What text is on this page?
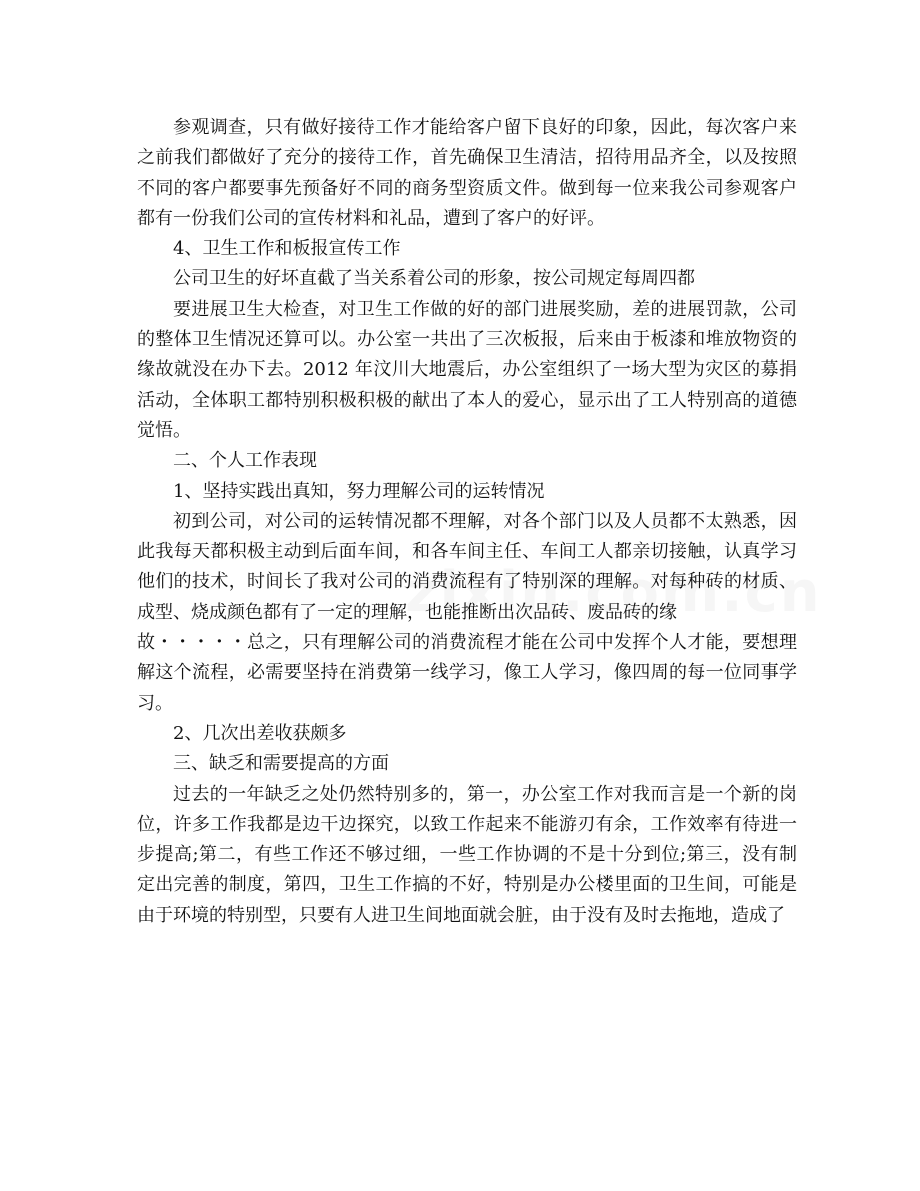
参观调查，只有做好接待工作才能给客户留下良好的印象，因此，每次客户来之前我们都做好了充分的接待工作，首先确保卫生清洁，招待用品齐全，以及按照不同的客户都要事先预备好不同的商务型资质文件。做到每一位来我公司参观客户都有一份我们公司的宣传材料和礼品，遭到了客户的好评。

4、卫生工作和板报宣传工作

公司卫生的好坏直截了当关系着公司的形象，按公司规定每周四都

要进展卫生大检查，对卫生工作做的好的部门进展奖励，差的进展罚款，公司的整体卫生情况还算可以。办公室一共出了三次板报，后来由于板漆和堆放物资的缘故就没在办下去。2012 年汶川大地震后，办公室组织了一场大型为灾区的募捐活动，全体职工都特别积极积极的献出了本人的爱心，显示出了工人特别高的道德觉悟。

二、个人工作表现

1、坚持实践出真知，努力理解公司的运转情况

初到公司，对公司的运转情况都不理解，对各个部门以及人员都不太熟悉，因此我每天都积极主动到后面车间，和各车间主任、车间工人都亲切接触，认真学习他们的技术，时间长了我对公司的消费流程有了特别深的理解。对每种砖的材质、成型、烧成颜色都有了一定的理解，也能推断出次品砖、废品砖的缘

故・・・・・总之，只有理解公司的消费流程才能在公司中发挥个人才能，要想理解这个流程，必需要坚持在消费第一线学习，像工人学习，像四周的每一位同事学习。

2、几次出差收获颇多

三、缺乏和需要提高的方面

过去的一年缺乏之处仍然特别多的，第一，办公室工作对我而言是一个新的岗位，许多工作我都是边干边探究，以致工作起来不能游刃有余，工作效率有待进一步提高;第二，有些工作还不够过细，一些工作协调的不是十分到位;第三，没有制定出完善的制度，第四，卫生工作搞的不好，特别是办公楼里面的卫生间，可能是由于环境的特别型，只要有人进卫生间地面就会脏，由于没有及时去拖地，造成了
